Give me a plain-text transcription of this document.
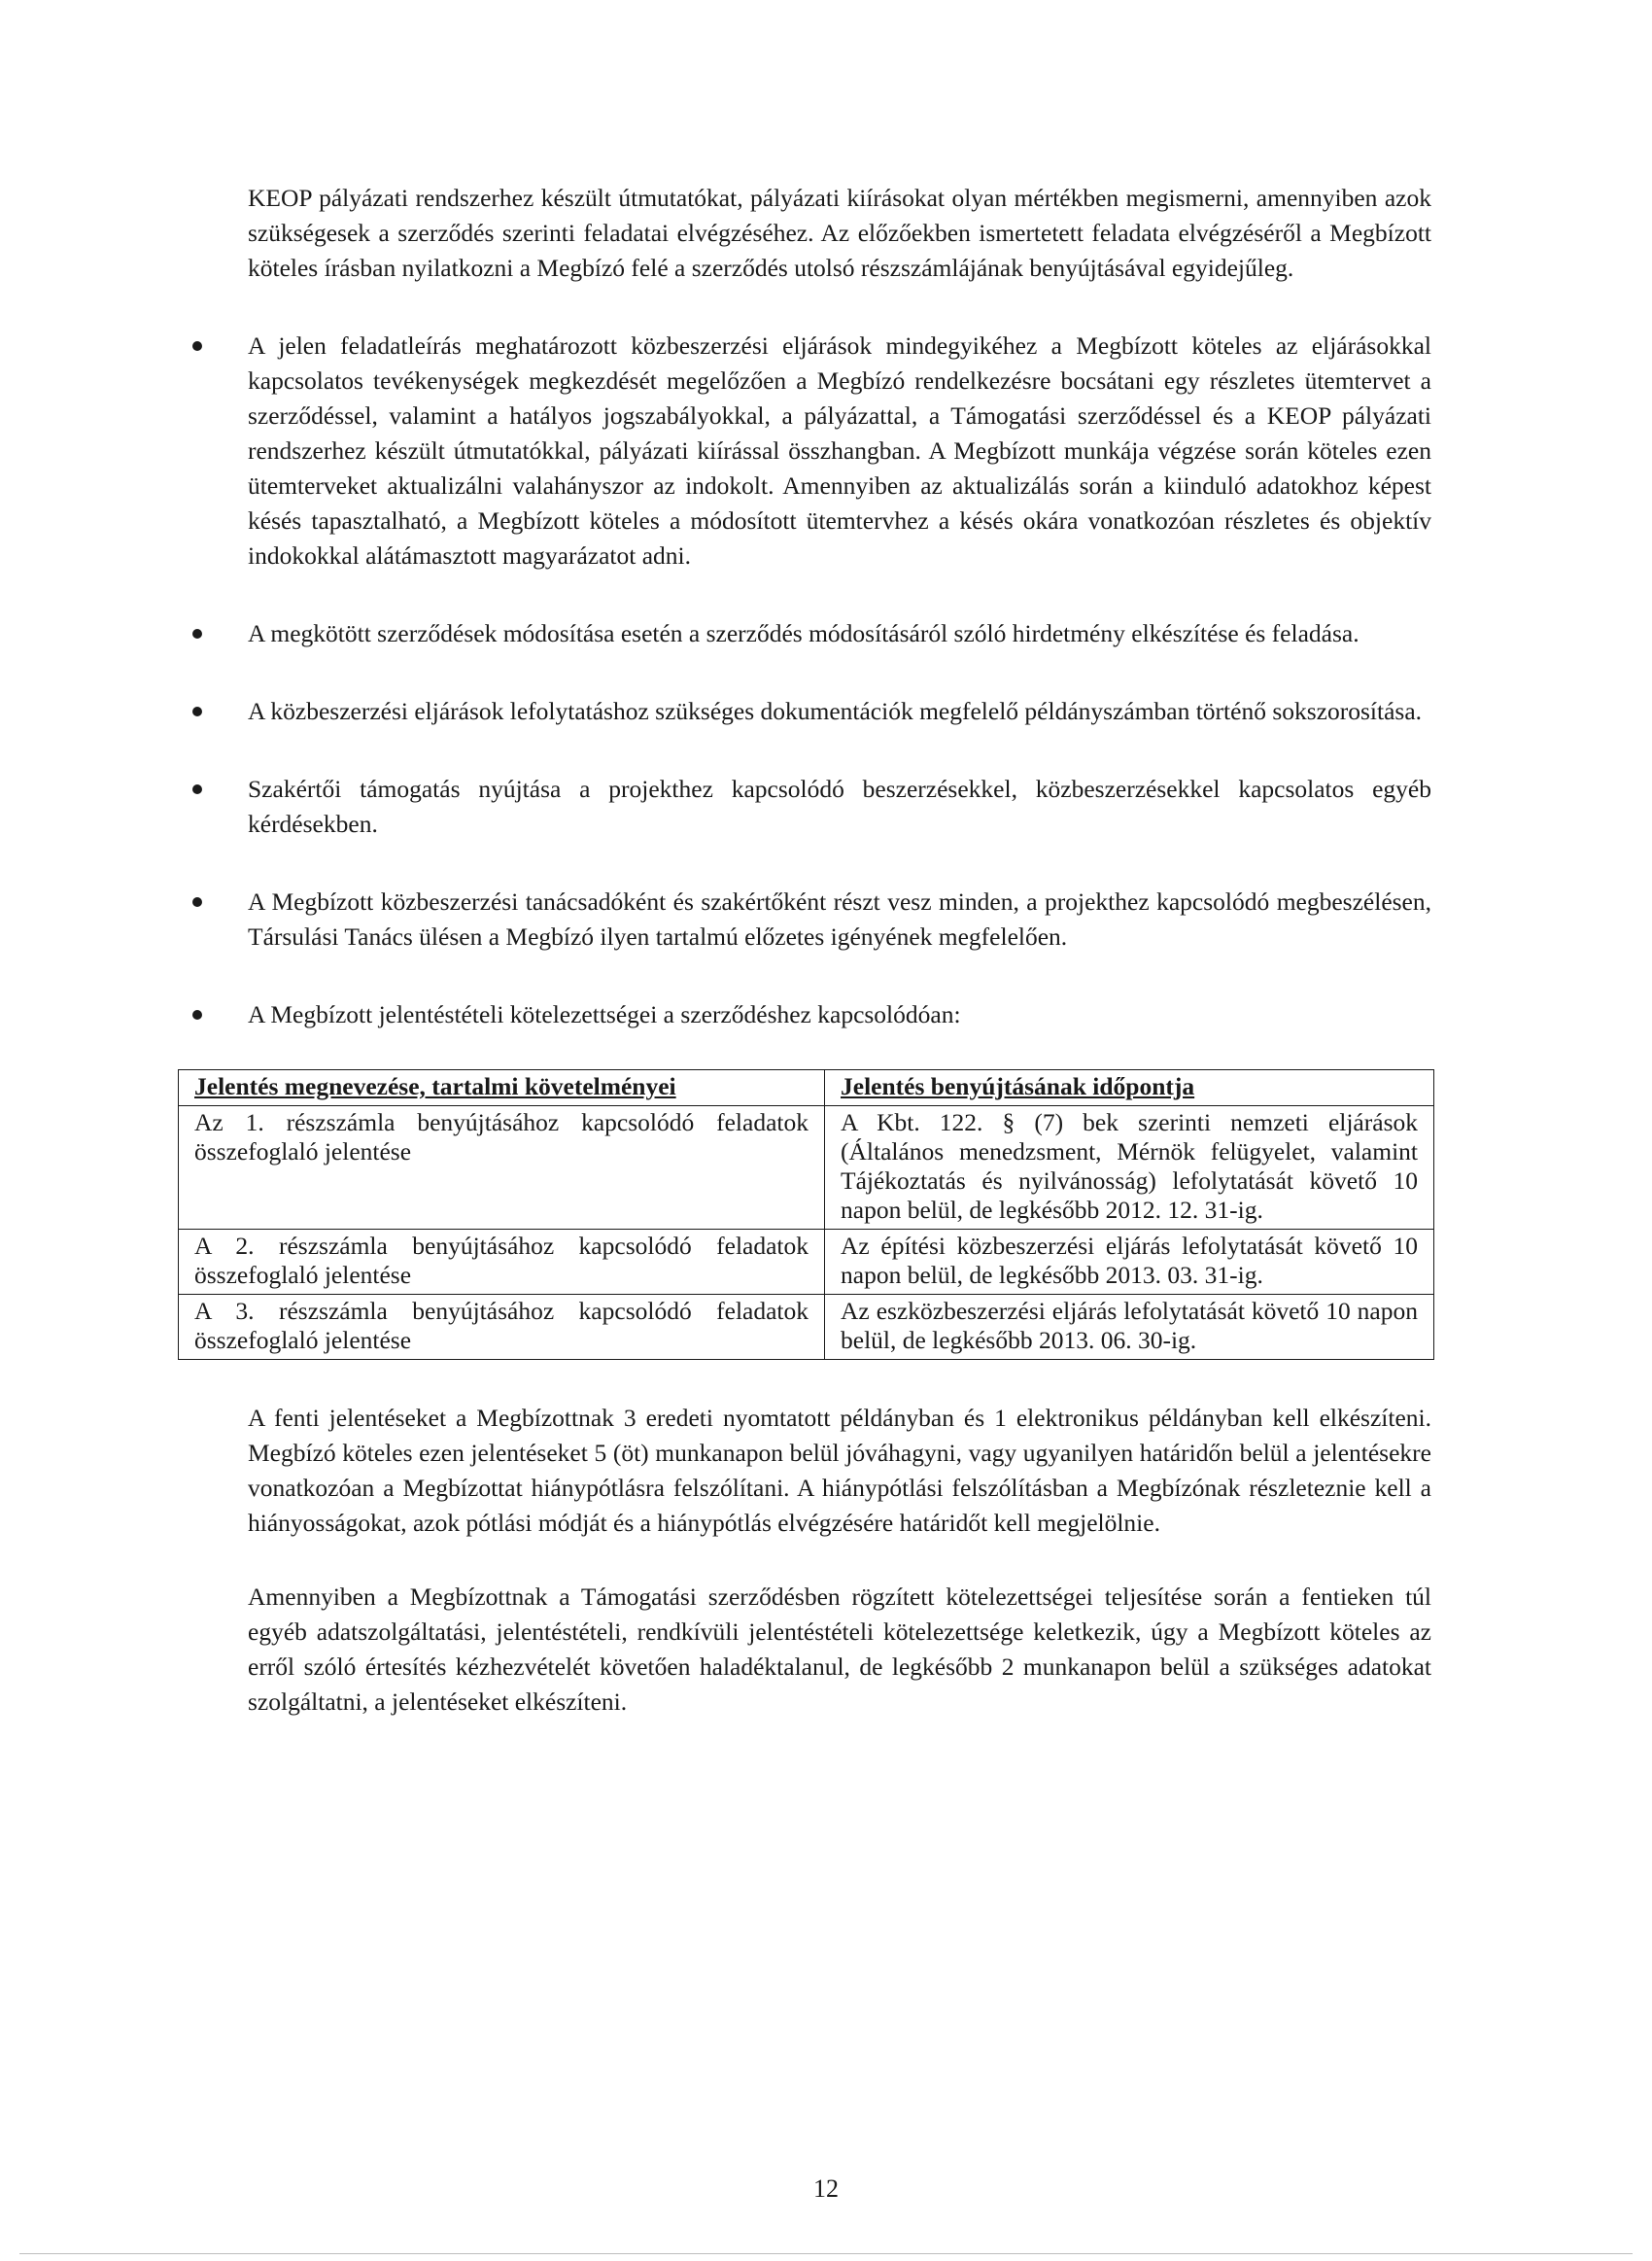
KEOP pályázati rendszerhez készült útmutatókat, pályázati kiírásokat olyan mértékben megismerni, amennyiben azok szükségesek a szerződés szerinti feladatai elvégzéséhez. Az előzőekben ismertetett feladata elvégzéséről a Megbízott köteles írásban nyilatkozni a Megbízó felé a szerződés utolsó részszámlájának benyújtásával egyidejűleg.

A jelen feladatleírás meghatározott közbeszerzési eljárások mindegyikéhez a Megbízott köteles az eljárásokkal kapcsolatos tevékenységek megkezdését megelőzően a Megbízó rendelkezésre bocsátani egy részletes ütemtervet a szerződéssel, valamint a hatályos jogszabályokkal, a pályázattal, a Támogatási szerződéssel és a KEOP pályázati rendszerhez készült útmutatókkal, pályázati kiírással összhangban. A Megbízott munkája végzése során köteles ezen ütemterveket aktualizálni valahányszor az indokolt. Amennyiben az aktualizálás során a kiinduló adatokhoz képest késés tapasztalható, a Megbízott köteles a módosított ütemtervhez a késés okára vonatkozóan részletes és objektív indokokkal alátámasztott magyarázatot adni.

A megkötött szerződések módosítása esetén a szerződés módosításáról szóló hirdetmény elkészítése és feladása.

A közbeszerzési eljárások lefolytatáshoz szükséges dokumentációk megfelelő példányszámban történő sokszorosítása.

Szakértői támogatás nyújtása a projekthez kapcsolódó beszerzésekkel, közbeszerzésekkel kapcsolatos egyéb kérdésekben.

A Megbízott közbeszerzési tanácsadóként és szakértőként részt vesz minden, a projekthez kapcsolódó megbeszélésen, Társulási Tanács ülésen a Megbízó ilyen tartalmú előzetes igényének megfelelően.

A Megbízott jelentéstételi kötelezettségei a szerződéshez kapcsolódóan:

Jelentés megnevezése, tartalmi követelményei	Jelentés benyújtásának időpontja
Az 1. részszámla benyújtásához kapcsolódó feladatok összefoglaló jelentése	A Kbt. 122. § (7) bek szerinti nemzeti eljárások (Általános menedzsment, Mérnök felügyelet, valamint Tájékoztatás és nyilvánosság) lefolytatását követő 10 napon belül, de legkésőbb 2012. 12. 31-ig.
A 2. részszámla benyújtásához kapcsolódó feladatok összefoglaló jelentése	Az építési közbeszerzési eljárás lefolytatását követő 10 napon belül, de legkésőbb 2013. 03. 31-ig.
A 3. részszámla benyújtásához kapcsolódó feladatok összefoglaló jelentése	Az eszközbeszerzési eljárás lefolytatását követő 10 napon belül, de legkésőbb 2013. 06. 30-ig.

A fenti jelentéseket a Megbízottnak 3 eredeti nyomtatott példányban és 1 elektronikus példányban kell elkészíteni. Megbízó köteles ezen jelentéseket 5 (öt) munkanapon belül jóváhagyni, vagy ugyanilyen határidőn belül a jelentésekre vonatkozóan a Megbízottat hiánypótlásra felszólítani. A hiánypótlási felszólításban a Megbízónak részleteznie kell a hiányosságokat, azok pótlási módját és a hiánypótlás elvégzésére határidőt kell megjelölnie.

Amennyiben a Megbízottnak a Támogatási szerződésben rögzített kötelezettségei teljesítése során a fentieken túl egyéb adatszolgáltatási, jelentéstételi, rendkívüli jelentéstételi kötelezettsége keletkezik, úgy a Megbízott köteles az erről szóló értesítés kézhezvételét követően haladéktalanul, de legkésőbb 2 munkanapon belül a szükséges adatokat szolgáltatni, a jelentéseket elkészíteni.

12
